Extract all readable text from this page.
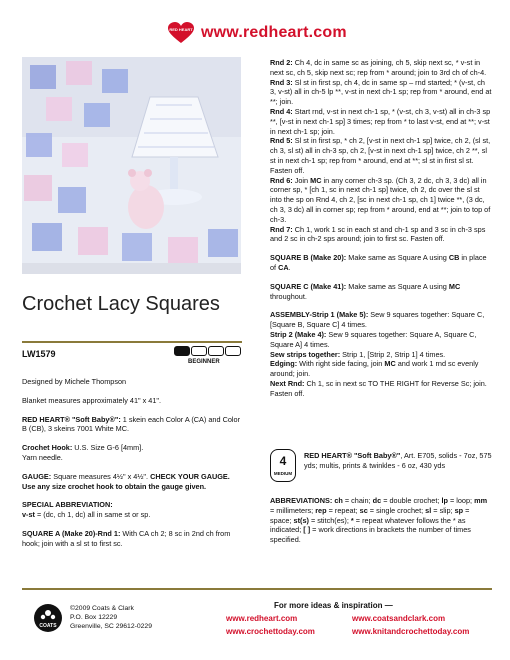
RED HEART www.redheart.com
Crochet Lacy Squares
LW1579
BEGINNER

Designed by Michele Thompson

Blanket measures approximately 41" x 41".

RED HEART® "Soft Baby®": 1 skein each Color A (CA) and Color B (CB), 3 skeins 7001 White MC.

Crochet Hook: U.S. Size G-6 [4mm].
Yarn needle.

GAUGE: Square measures 4½" x 4½". CHECK YOUR GAUGE. Use any size crochet hook to obtain the gauge given.

SPECIAL ABBREVIATION:
v-st = (dc, ch 1, dc) all in same st or sp.

SQUARE A (Make 20)-Rnd 1: With CA ch 2; 8 sc in 2nd ch from hook; join with a sl st to first sc.

Rnd 2: Ch 4, dc in same sc as joining, ch 5, skip next sc, * v-st in next sc, ch 5, skip next sc; rep from * around; join to 3rd ch of ch-4.

Rnd 3: Sl st in first sp, ch 4, dc in same sp – rnd started; * (v-st, ch 3, v-st) all in ch-5 lp **, v-st in next ch-1 sp; rep from * around, end at **; join.

Rnd 4: Start rnd, v-st in next ch-1 sp, * (v-st, ch 3, v-st) all in ch-3 sp **, [v-st in next ch-1 sp] 3 times; rep from * to last v-st, end at **; v-st in next ch-1 sp; join.

Rnd 5: Sl st in first sp, * ch 2, [v-st in next ch-1 sp] twice, ch 2, (sl st, ch 3, sl st) all in ch-3 sp, ch 2, [v-st in next ch-1 sp] twice, ch 2 **, sl st in next ch-1 sp; rep from * around, end at **; sl st in first sl st. Fasten off.

Rnd 6: Join MC in any corner ch-3 sp. (Ch 3, 2 dc, ch 3, 3 dc) all in corner sp, * [ch 1, sc in next ch-1 sp] twice, ch 2, dc over the sl st into the sp on Rnd 4, ch 2, [sc in next ch-1 sp, ch 1] twice **, (3 dc, ch 3, 3 dc) all in corner sp; rep from * around, end at **; join to top of ch-3.

Rnd 7: Ch 1, work 1 sc in each st and ch-1 sp and 3 sc in ch-3 sps and 2 sc in ch-2 sps around; join to first sc. Fasten off.

SQUARE B (Make 20): Make same as Square A using CB in place of CA.

SQUARE C (Make 41): Make same as Square A using MC throughout.

ASSEMBLY-Strip 1 (Make 5): Sew 9 squares together: Square C, [Square B, Square C] 4 times.
Strip 2 (Make 4): Sew 9 squares together: Square A, Square C, Square A] 4 times.
Sew strips together: Strip 1, [Strip 2, Strip 1] 4 times.
Edging: With right side facing, join MC and work 1 rnd sc evenly around; join.
Next Rnd: Ch 1, sc in next sc TO THE RIGHT for Reverse Sc; join. Fasten off.

4
MEDIUM
RED HEART® "Soft Baby®", Art. E705, solids - 7oz, 575 yds; multis, prints & twinkles - 6 oz, 430 yds
ABBREVIATIONS: ch = chain; dc = double crochet; lp = loop; mm = millimeters; rep = repeat; sc = single crochet; sl = slip; sp = space; st(s) = stitch(es); * = repeat whatever follows the * as indicated; [ ] = work directions in brackets the number of times specified.
COATS
©2009 Coats & Clark
P.O. Box 12229
Greenville, SC 29612-0229
For more ideas & inspiration —
www.redheart.com	www.coatsandclark.com
www.crochettoday.com	www.knitandcrochettoday.com
